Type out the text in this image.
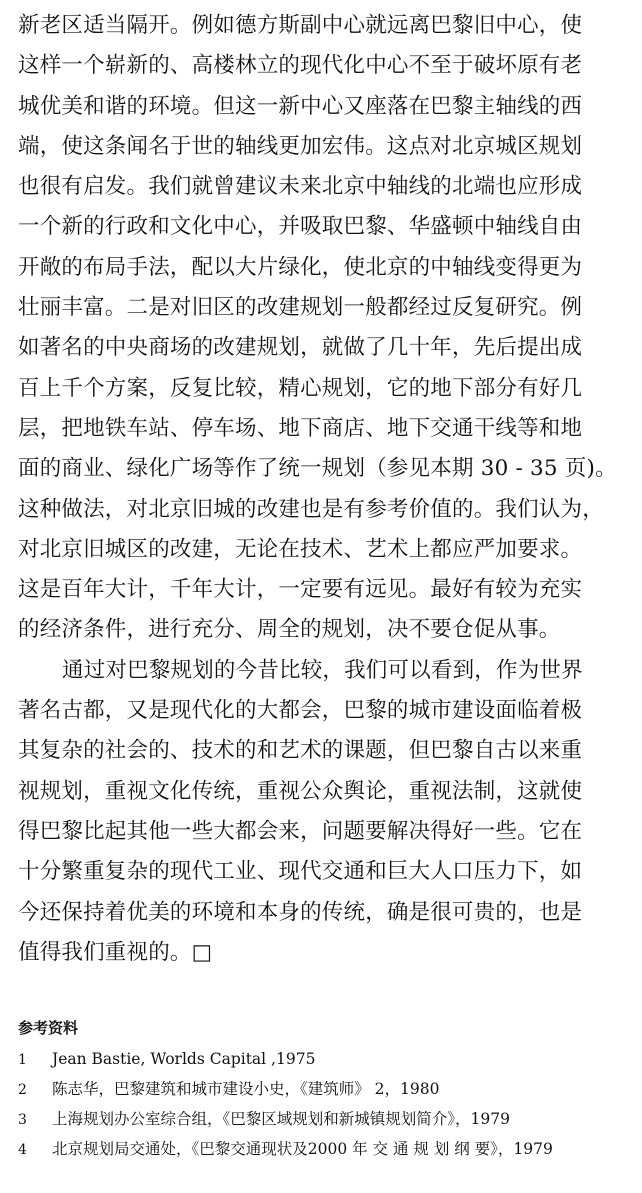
新老区适当隔开。例如德方斯副中心就远离巴黎旧中心，使
这样一个崭新的、高楼林立的现代化中心不至于破坏原有老
城优美和谐的环境。但这一新中心又座落在巴黎主轴线的西
端，使这条闻名于世的轴线更加宏伟。这点对北京城区规划
也很有启发。我们就曾建议未来北京中轴线的北端也应形成
一个新的行政和文化中心，并吸取巴黎、华盛顿中轴线自由
开敞的布局手法，配以大片绿化，使北京的中轴线变得更为
壮丽丰富。二是对旧区的改建规划一般都经过反复研究。例
如著名的中央商场的改建规划，就做了几十年，先后提出成
百上千个方案，反复比较，精心规划，它的地下部分有好几
层，把地铁车站、停车场、地下商店、地下交通干线等和地
面的商业、绿化广场等作了统一规划（参见本期 30 - 35 页)。
这种做法，对北京旧城的改建也是有参考价值的。我们认为，
对北京旧城区的改建，无论在技术、艺术上都应严加要求。
这是百年大计，千年大计，一定要有远见。最好有较为充实
的经济条件，进行充分、周全的规划，决不要仓促从事。
通过对巴黎规划的今昔比较，我们可以看到，作为世界
著名古都，又是现代化的大都会，巴黎的城市建设面临着极
其复杂的社会的、技术的和艺术的课题，但巴黎自古以来重
视规划，重视文化传统，重视公众舆论，重视法制，这就使
得巴黎比起其他一些大都会来，问题要解决得好一些。它在
十分繁重复杂的现代工业、现代交通和巨大人口压力下，如
今还保持着优美的环境和本身的传统，确是很可贵的，也是
值得我们重视的。□
参考资料
1 Jean Bastie, Worlds Capital ,1975
2 陈志华，巴黎建筑和城市建设小史，《建筑师》 2，1980
3 上海规划办公室综合组，《巴黎区域规划和新城镇规划简介》，1979
4 北京规划局交通处，《巴黎交通现状及2000 年 交 通 规 划 纲 要》，1979
